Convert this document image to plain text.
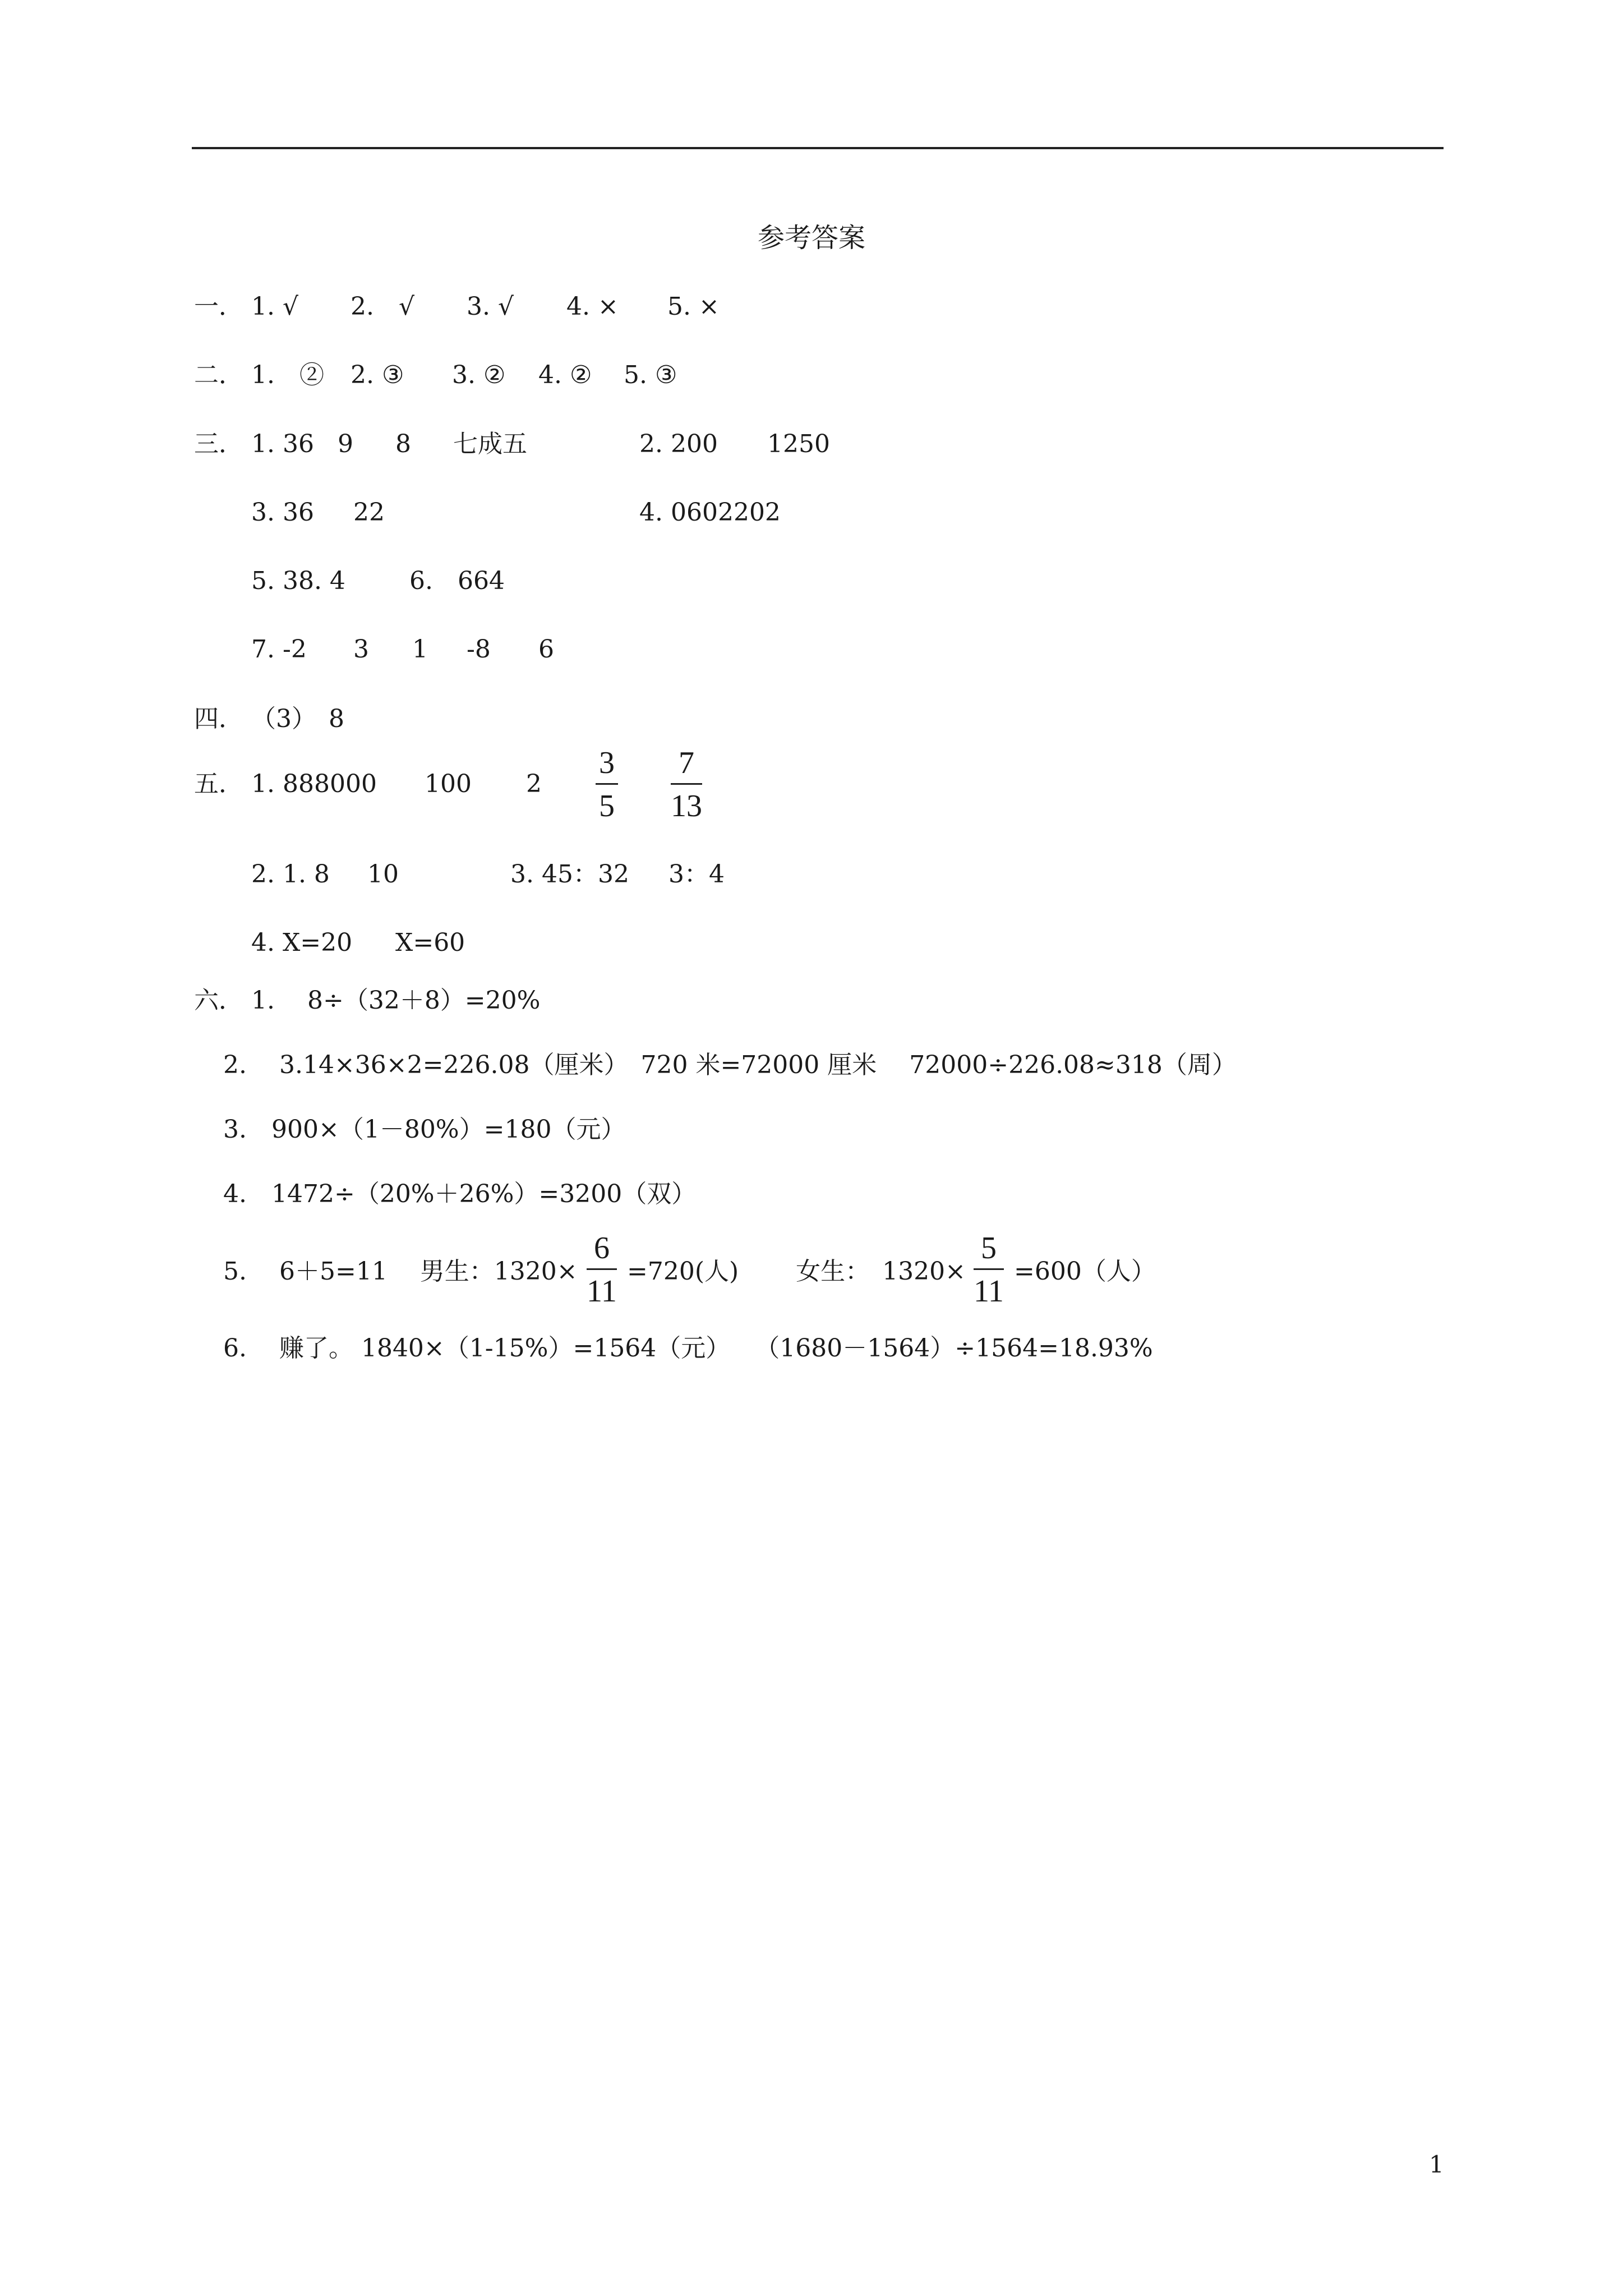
参考答案
一． 1. √ 2.　√ 3. √ 4. × 5. ×
二． 1.　② 2. ③ 3. ② 4. ② 5. ③
三． 1. 36 9 8 七成五	2. 200 1250
3. 36 22	4. 0602202
5. 38. 4	6.　664
7. -2 3 1 -8 6
四． （3）　8
五． 1. 888000 100 2
3
5
7
13
2. 1. 8 10	3. 45：32 3：4
4. X=20 X=60
六． 1.　 8÷（32＋8）=20%
2.　 3.14×36×2=226.08（厘米）　720 米=72000 厘米　 72000÷226.08≈318（周）
3.　900×（1－80%）=180（元）
4.　1472÷（20%＋26%）=3200（双）
5.　 6＋5=11　 男生：1320×
6
11
=720(人)　　 女生：　1320×
5
11
=600（人）
6.　 赚了。 1840×（1-15%）=1564（元）　　（1680－1564）÷1564=18.93%
1
